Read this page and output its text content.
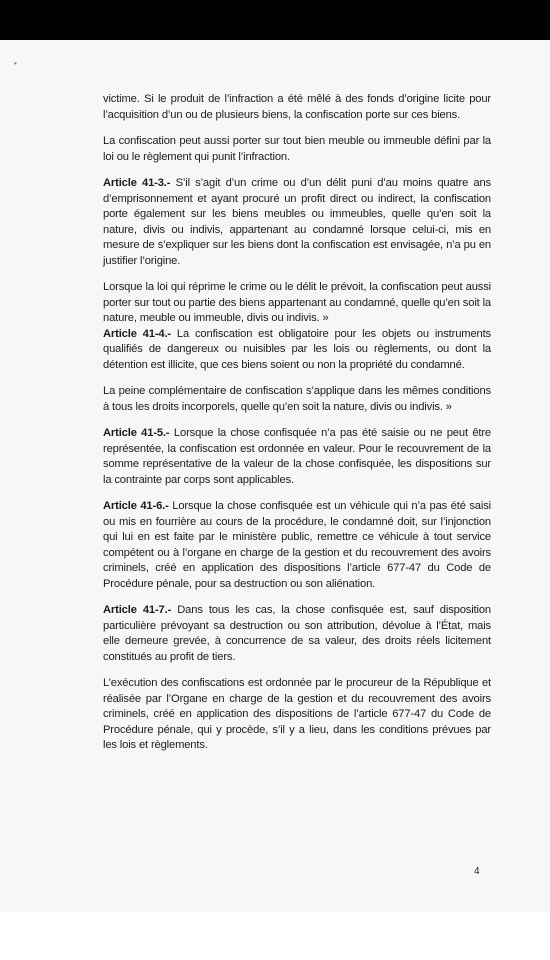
•

victime. Si le produit de l’infraction a été mêlé à des fonds d’origine licite pour l’acquisition d’un ou de plusieurs biens, la confiscation porte sur ces biens.

La confiscation peut aussi porter sur tout bien meuble ou immeuble défini par la loi ou le règlement qui punit l’infraction.

Article 41-3.- S’il s’agit d’un crime ou d’un délit puni d’au moins quatre ans d’emprisonnement et ayant procuré un profit direct ou indirect, la confiscation porte également sur les biens meubles ou immeubles, quelle qu’en soit la nature, divis ou indivis, appartenant au condamné lorsque celui-ci, mis en mesure de s’expliquer sur les biens dont la confiscation est envisagée, n’a pu en justifier l’origine.

Lorsque la loi qui réprime le crime ou le délit le prévoit, la confiscation peut aussi porter sur tout ou partie des biens appartenant au condamné, quelle qu’en soit la nature, meuble ou immeuble, divis ou indivis. »

Article 41-4.- La confiscation est obligatoire pour les objets ou instruments qualifiés de dangereux ou nuisibles par les lois ou règlements, ou dont la détention est illicite, que ces biens soient ou non la propriété du condamné.

La peine complémentaire de confiscation s’applique dans les mêmes conditions à tous les droits incorporels, quelle qu’en soit la nature, divis ou indivis. »

Article 41-5.- Lorsque la chose confisquée n’a pas été saisie ou ne peut être représentée, la confiscation est ordonnée en valeur. Pour le recouvrement de la somme représentative de la valeur de la chose confisquée, les dispositions sur la contrainte par corps sont applicables.

Article 41-6.- Lorsque la chose confisquée est un véhicule qui n’a pas été saisi ou mis en fourrière au cours de la procédure, le condamné doit, sur l’injonction qui lui en est faite par le ministère public, remettre ce véhicule à tout service compétent ou à l’organe en charge de la gestion et du recouvrement des avoirs criminels, créé en application des dispositions l’article 677-47 du Code de Procédure pénale, pour sa destruction ou son aliénation.

Article 41-7.- Dans tous les cas, la chose confisquée est, sauf disposition particulière prévoyant sa destruction ou son attribution, dévolue à l’État, mais elle demeure grevée, à concurrence de sa valeur, des droits réels licitement constitués au profit de tiers.

L’exécution des confiscations est ordonnée par le procureur de la République et réalisée par l’Organe en charge de la gestion et du recouvrement des avoirs criminels, créé en application des dispositions de l’article 677-47 du Code de Procédure pénale, qui y procède, s’il y a lieu, dans les conditions prévues par les lois et règlements.

4
